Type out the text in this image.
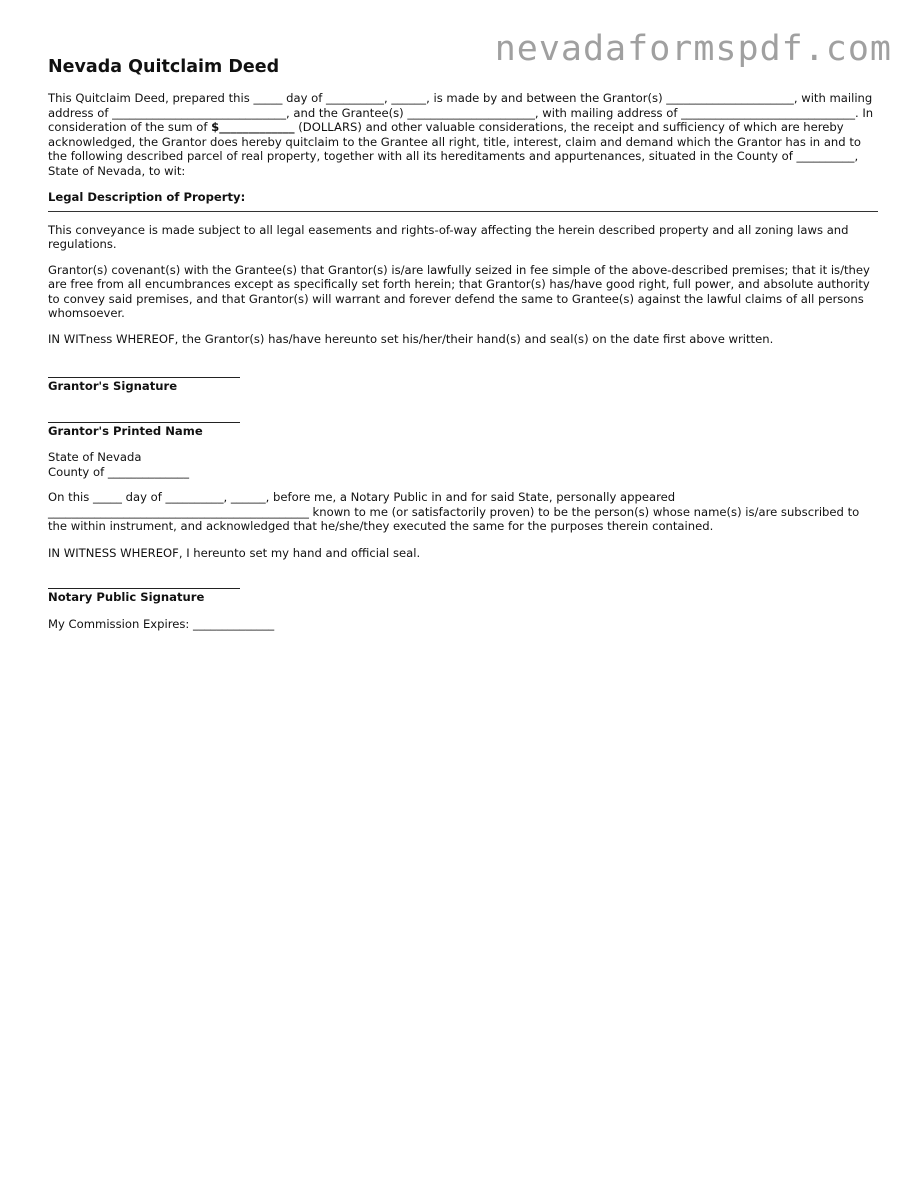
nevadaformspdf.com
Nevada Quitclaim Deed

This Quitclaim Deed, prepared this _____ day of __________, ______, is made by and between the Grantor(s) ______________________, with mailing address of ______________________________, and the Grantee(s) ______________________, with mailing address of ______________________________. In consideration of the sum of $_____________ (DOLLARS) and other valuable considerations, the receipt and sufficiency of which are hereby acknowledged, the Grantor does hereby quitclaim to the Grantee all right, title, interest, claim and demand which the Grantor has in and to the following described parcel of real property, together with all its hereditaments and appurtenances, situated in the County of __________, State of Nevada, to wit:

Legal Description of Property:

This conveyance is made subject to all legal easements and rights-of-way affecting the herein described property and all zoning laws and regulations.

Grantor(s) covenant(s) with the Grantee(s) that Grantor(s) is/are lawfully seized in fee simple of the above-described premises; that it is/they are free from all encumbrances except as specifically set forth herein; that Grantor(s) has/have good right, full power, and absolute authority to convey said premises, and that Grantor(s) will warrant and forever defend the same to Grantee(s) against the lawful claims of all persons whomsoever.

IN WITness WHEREOF, the Grantor(s) has/have hereunto set his/her/their hand(s) and seal(s) on the date first above written.

Grantor's Signature
Grantor's Printed Name
State of Nevada
County of ______________

On this _____ day of __________, ______, before me, a Notary Public in and for said State, personally appeared _____________________________________________ known to me (or satisfactorily proven) to be the person(s) whose name(s) is/are subscribed to the within instrument, and acknowledged that he/she/they executed the same for the purposes therein contained.

IN WITNESS WHEREOF, I hereunto set my hand and official seal.

Notary Public Signature

My Commission Expires: ______________
